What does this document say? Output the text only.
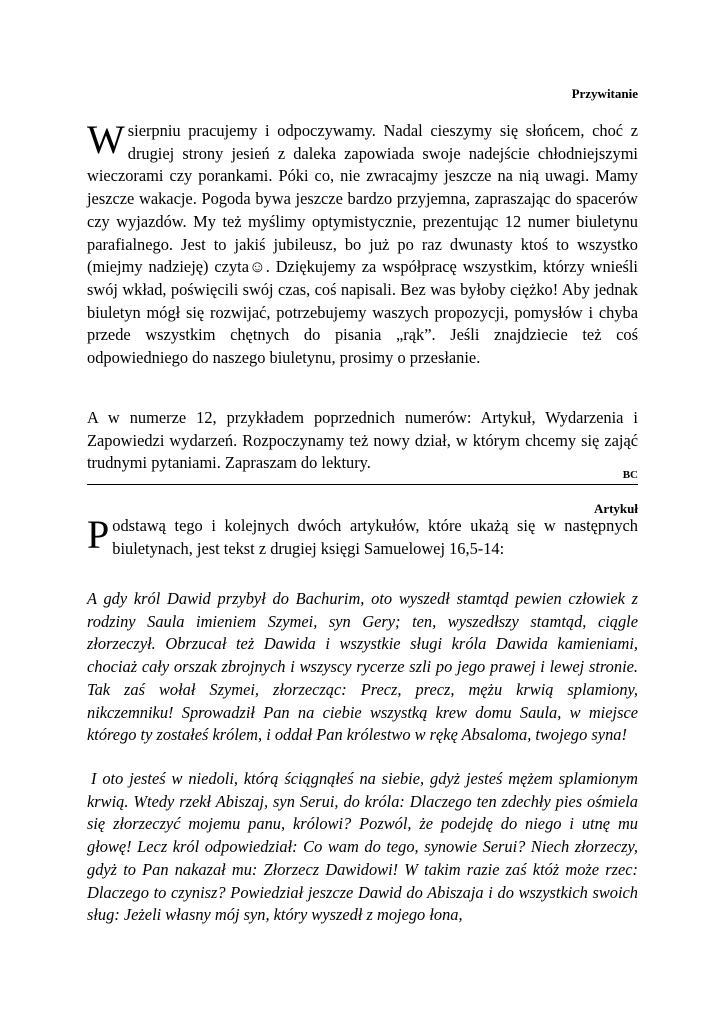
Przywitanie

Wsierpniu pracujemy i odpoczywamy. Nadal cieszymy się słońcem, choć z drugiej strony jesień z daleka zapowiada swoje nadejście chłodniejszymi wieczorami czy porankami. Póki co, nie zwracajmy jeszcze na nią uwagi. Mamy jeszcze wakacje. Pogoda bywa jeszcze bardzo przyjemna, zapraszając do spacerów czy wyjazdów. My też myślimy optymistycznie, prezentując 12 numer biuletynu parafialnego. Jest to jakiś jubileusz, bo już po raz dwunasty ktoś to wszystko (miejmy nadzieję) czyta☺. Dziękujemy za współpracę wszystkim, którzy wnieśli swój wkład, poświęcili swój czas, coś napisali. Bez was byłoby ciężko! Aby jednak biuletyn mógł się rozwijać, potrzebujemy waszych propozycji, pomysłów i chyba przede wszystkim chętnych do pisania „rąk”. Jeśli znajdziecie też coś odpowiedniego do naszego biuletynu, prosimy o przesłanie.

A w numerze 12, przykładem poprzednich numerów: Artykuł, Wydarzenia i Zapowiedzi wydarzeń. Rozpoczynamy też nowy dział, w którym chcemy się zająć trudnymi pytaniami. Zapraszam do lektury.

BC
Artykuł

Podstawą tego i kolejnych dwóch artykułów, które ukażą się w następnych biuletynach, jest tekst z drugiej księgi Samuelowej 16,5-14:

A gdy król Dawid przybył do Bachurim, oto wyszedł stamtąd pewien człowiek z rodziny Saula imieniem Szymei, syn Gery; ten, wyszedłszy stamtąd, ciągle złorzeczył. Obrzucał też Dawida i wszystkie sługi króla Dawida kamieniami, chociaż cały orszak zbrojnych i wszyscy rycerze szli po jego prawej i lewej stronie. Tak zaś wołał Szymei, złorzecząc: Precz, precz, mężu krwią splamiony, nikczemniku! Sprowadził Pan na ciebie wszystką krew domu Saula, w miejsce którego ty zostałeś królem, i oddał Pan królestwo w rękę Absaloma, twojego syna!

I oto jesteś w niedoli, którą ściągnąłeś na siebie, gdyż jesteś mężem splamionym krwią. Wtedy rzekł Abiszaj, syn Serui, do króla: Dlaczego ten zdechły pies ośmiela się złorzeczyć mojemu panu, królowi? Pozwól, że podejdę do niego i utnę mu głowę! Lecz król odpowiedział: Co wam do tego, synowie Serui? Niech złorzeczy, gdyż to Pan nakazał mu: Złorzecz Dawidowi! W takim razie zaś któż może rzec: Dlaczego to czynisz? Powiedział jeszcze Dawid do Abiszaja i do wszystkich swoich sług: Jeżeli własny mój syn, który wyszedł z mojego łona,
